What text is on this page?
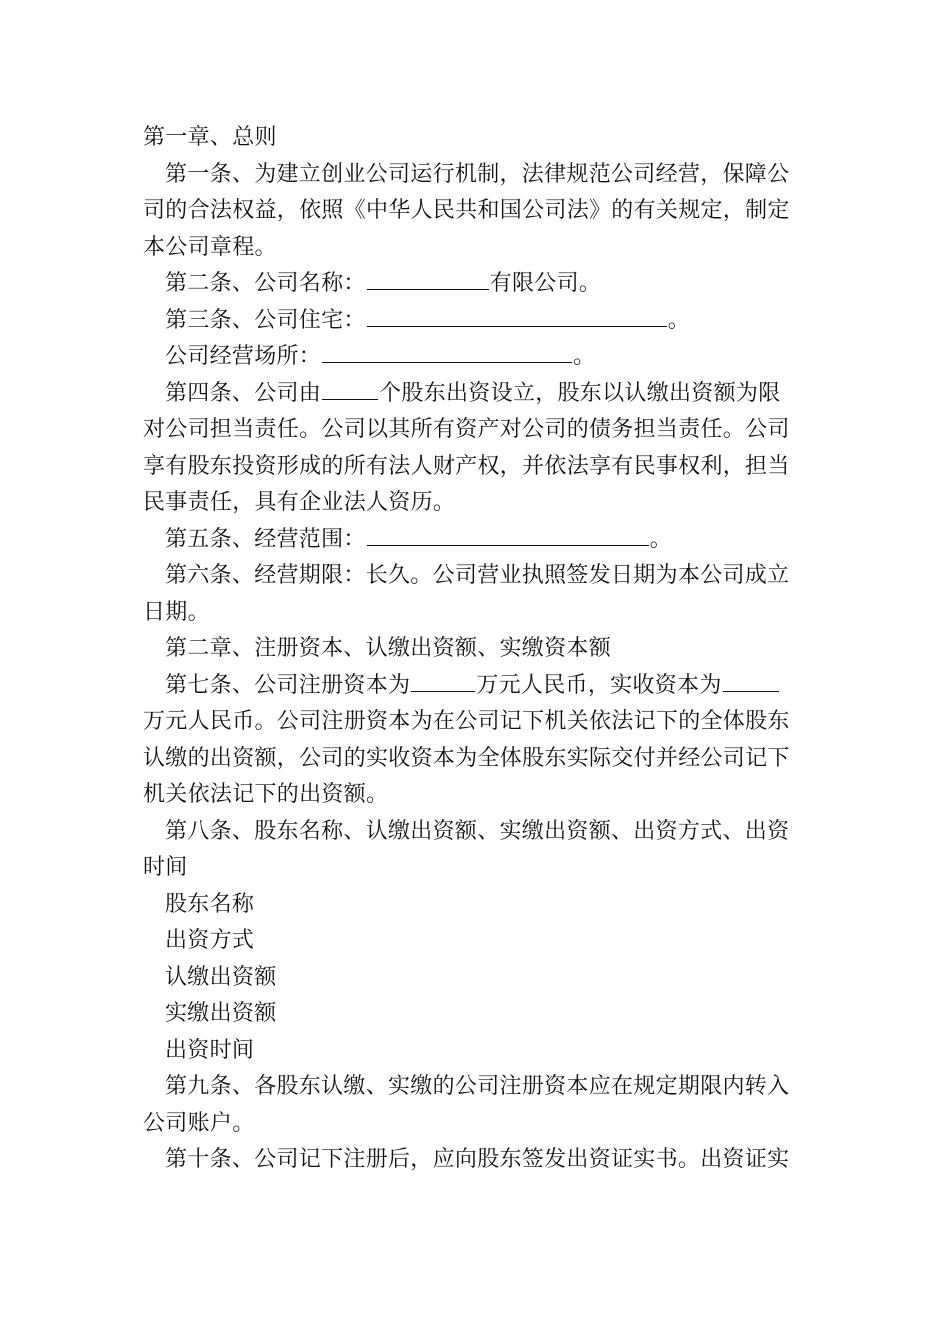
第一章、总则
第一条、为建立创业公司运行机制，法律规范公司经营，保障公
司的合法权益，依照《中华人民共和国公司法》的有关规定，制定
本公司章程。
第二条、公司名称：	有限公司。
第三条、公司住宅：	。
公司经营场所：	。
第四条、公司由	个股东出资设立，股东以认缴出资额为限
对公司担当责任。公司以其所有资产对公司的债务担当责任。公司
享有股东投资形成的所有法人财产权，并依法享有民事权利，担当
民事责任，具有企业法人资历。
第五条、经营范围：	。
第六条、经营期限：长久。公司营业执照签发日期为本公司成立
日期。
第二章、注册资本、认缴出资额、实缴资本额
第七条、公司注册资本为	万元人民币，实收资本为
万元人民币。公司注册资本为在公司记下机关依法记下的全体股东
认缴的出资额，公司的实收资本为全体股东实际交付并经公司记下
机关依法记下的出资额。
第八条、股东名称、认缴出资额、实缴出资额、出资方式、出资
时间
股东名称
出资方式
认缴出资额
实缴出资额
出资时间
第九条、各股东认缴、实缴的公司注册资本应在规定期限内转入
公司账户。
第十条、公司记下注册后，应向股东签发出资证实书。出资证实
